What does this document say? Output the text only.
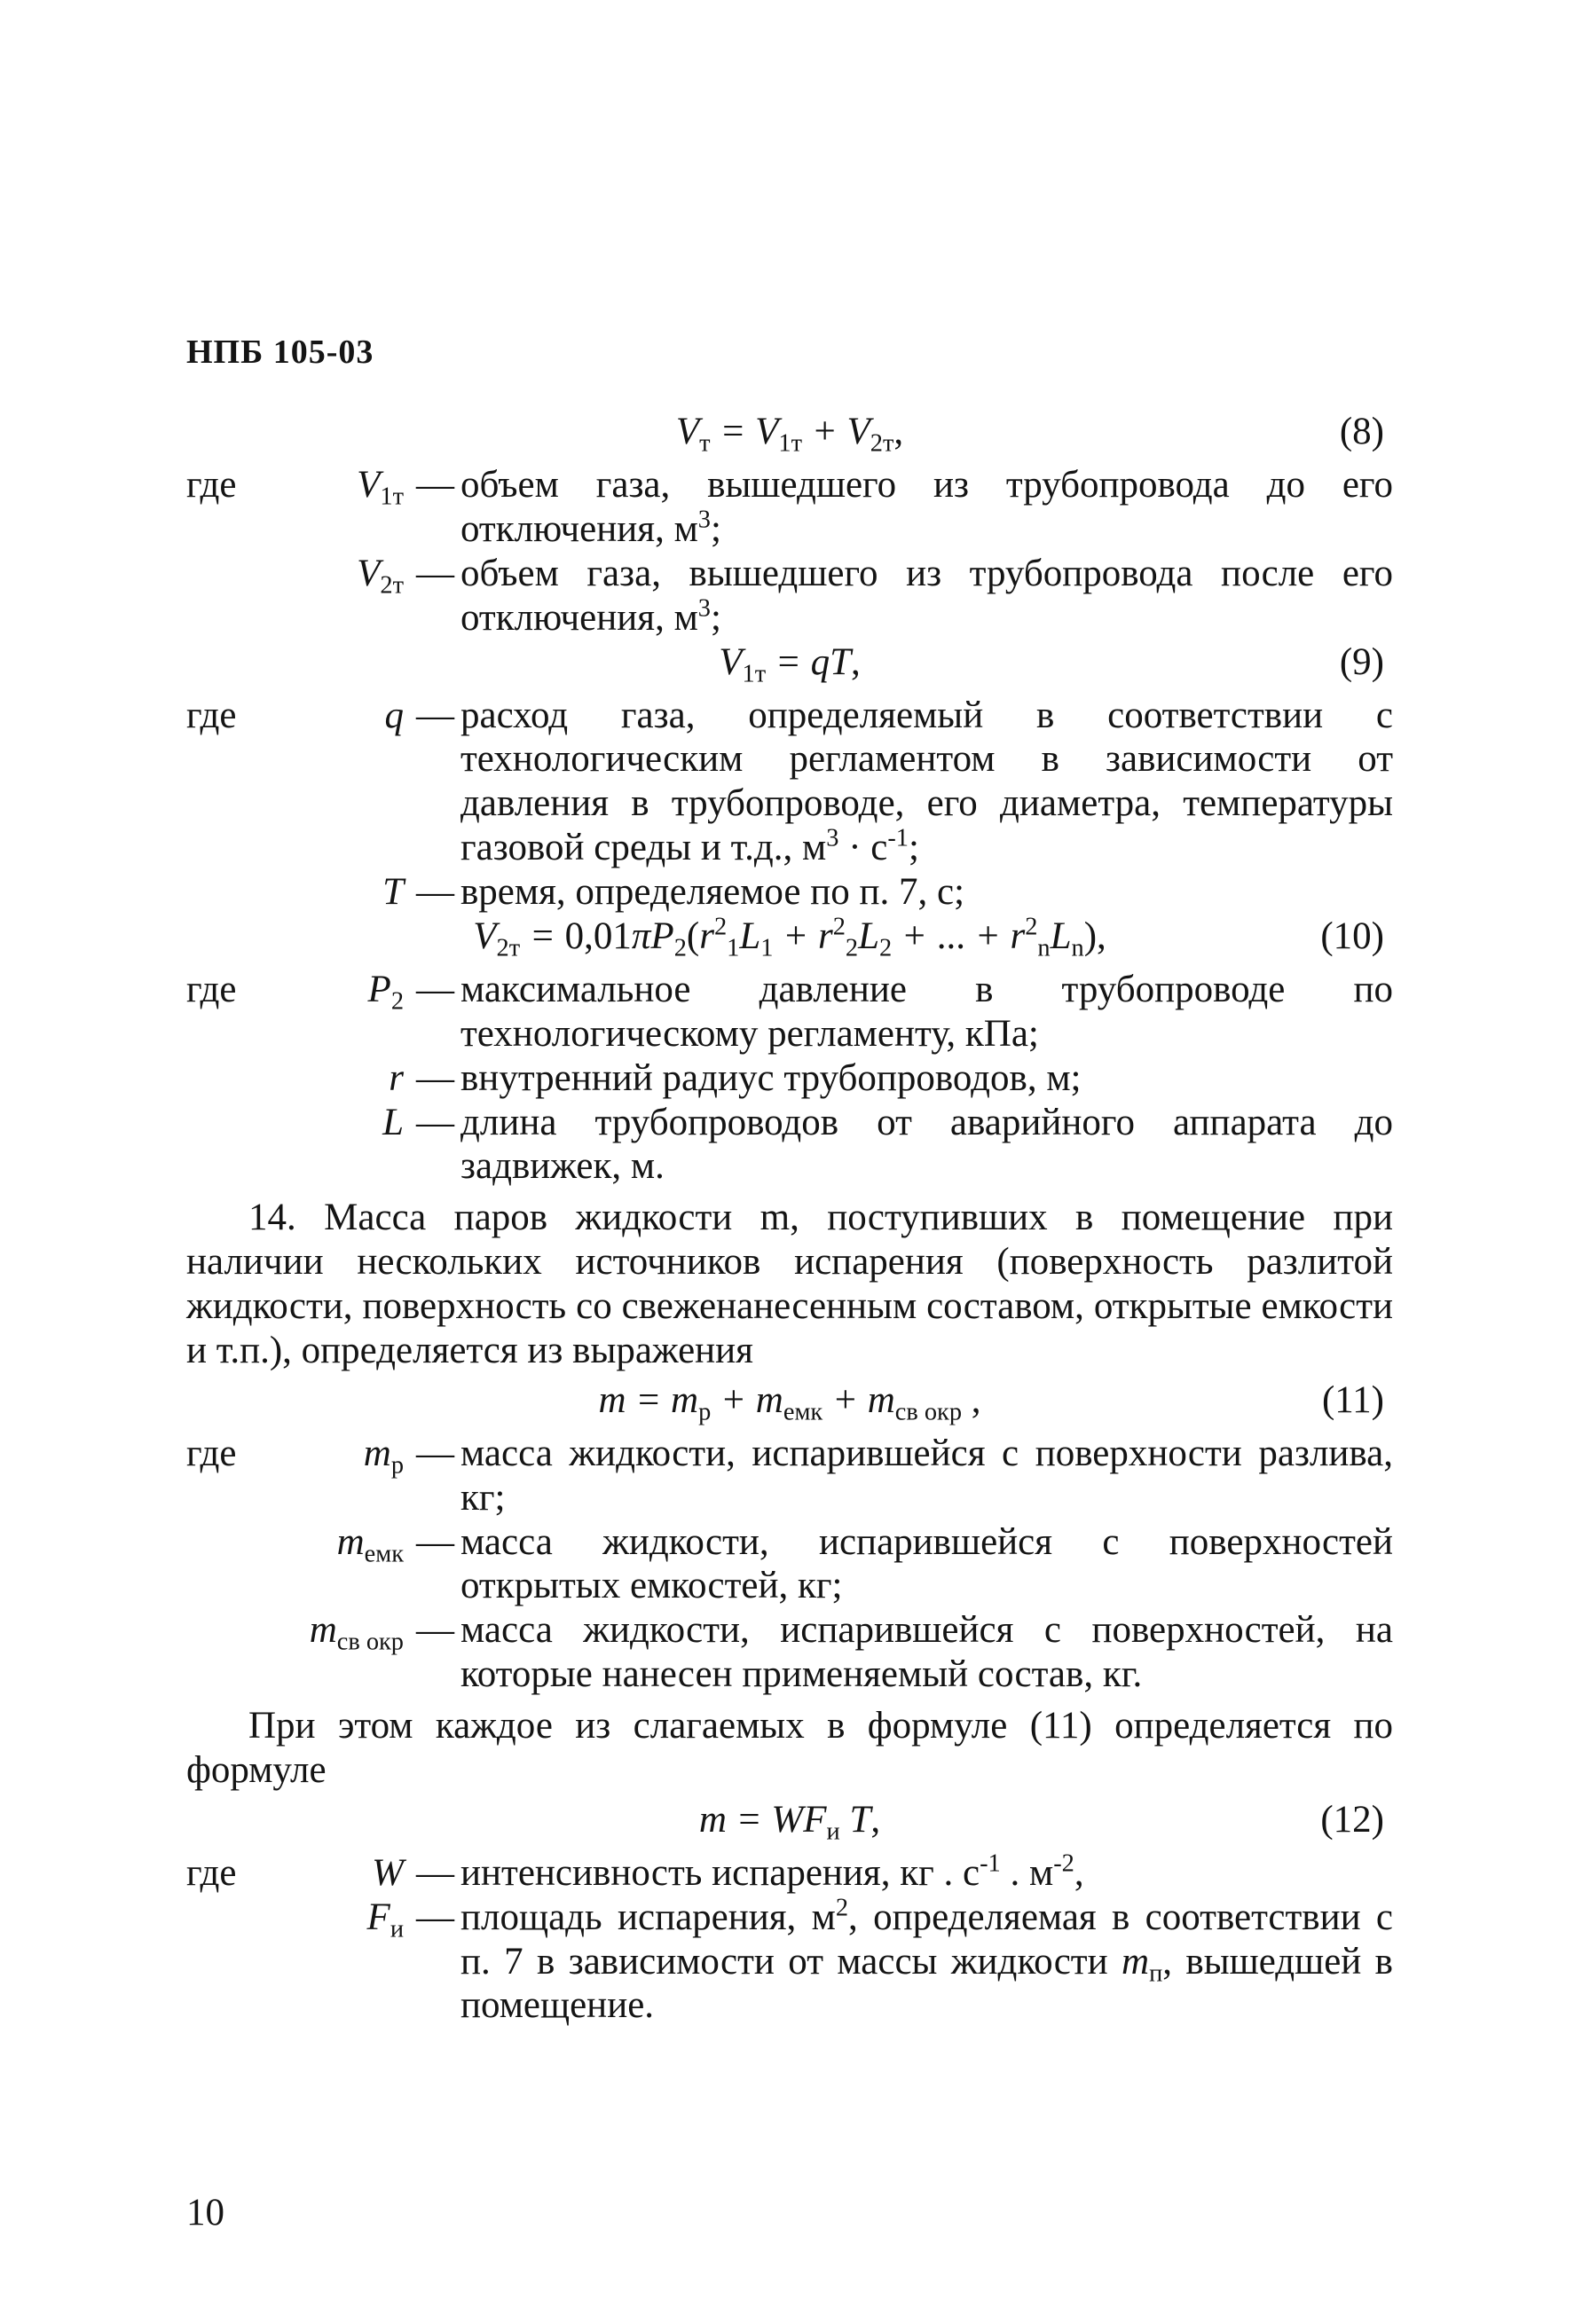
НПБ 105-03
$V_т = V_{1т} + V_{2т}$,	(8)
где	$V_{1т}$ — объем газа, вышедшего из трубопровода до его отключения, $м^3$;
$V_{2т}$ — объем газа, вышедшего из трубопровода после его отключения, $м^3$;
$V_{1т}$ = qT,	(9)
где	q — расход газа, определяемый в соответствии с технологическим регламентом в зависимости от давления в трубопроводе, его диаметра, температуры газовой среды и т.д., $м^3 \cdot с^{-1}$;
T — время, определяемое по п. 7, с;
$V_{2т} = 0,01\pi P_2(r^2_1L_1 + r^2_2L_2$ + ... + $r^2_nL_n$),	(10)
где	$P_2$ — максимальное давление в трубопроводе по технологическому регламенту, кПа;
r — внутренний радиус трубопроводов, м;
L — длина трубопроводов от аварийного аппарата до задвижек, м.

14. Масса паров жидкости m, поступивших в помещение при наличии нескольких источников испарения (поверхность разлитой жидкости, поверхность со свеженанесенным составом, открытые емкости и т.п.), определяется из выражения

$m = m_р + m_{емк} + m_{св окр}$ ,	(11)
где	$m_р$ — масса жидкости, испарившейся с поверхности разлива, кг;
$m_{емк}$ — масса жидкости, испарившейся с поверхностей открытых емкостей, кг;
$m_{св окр}$ — масса жидкости, испарившейся с поверхностей, на которые нанесен применяемый состав, кг.

При этом каждое из слагаемых в формуле (11) определяется по формуле

$m = WF_и$ T,	(12)
где	W — интенсивность испарения, кг . $с^{-1}$ . $м^{-2}$,
$F_и$ — площадь испарения, $м^2$, определяемая в соответствии с п. 7 в зависимости от массы жидкости $m_п$, вышедшей в помещение.
10
